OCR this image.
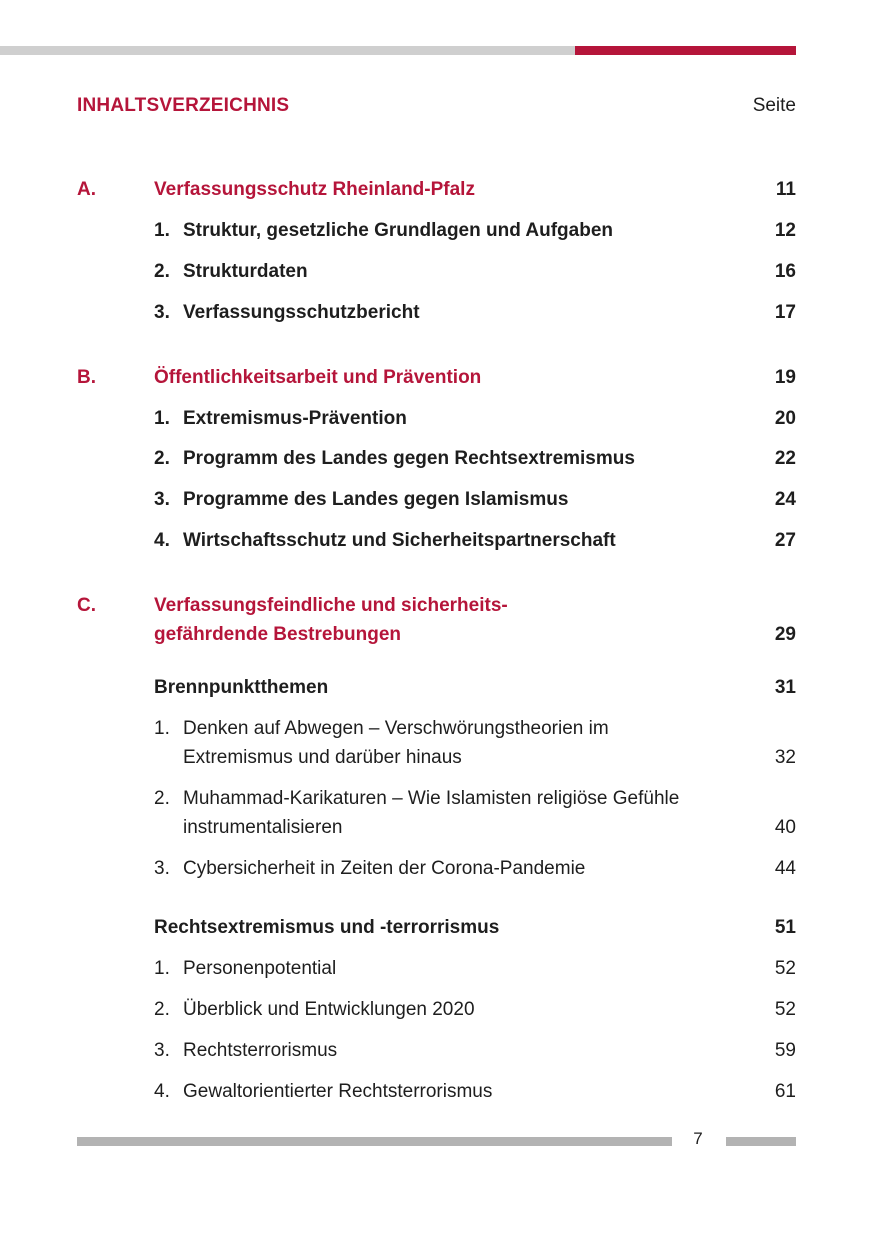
INHALTSVERZEICHNIS	Seite
A.	Verfassungsschutz Rheinland-Pfalz	11
1. Struktur, gesetzliche Grundlagen und Aufgaben	12
2. Strukturdaten	16
3. Verfassungsschutzbericht	17
B.	Öffentlichkeitsarbeit und Prävention	19
1. Extremismus-Prävention	20
2. Programm des Landes gegen Rechtsextremismus	22
3. Programme des Landes gegen Islamismus	24
4. Wirtschaftsschutz und Sicherheitspartnerschaft	27
C.	Verfassungsfeindliche und sicherheits-
gefährdende Bestrebungen	29
Brennpunktthemen	31
1. Denken auf Abwegen – Verschwörungstheorien im
Extremismus und darüber hinaus	32
2. Muhammad-Karikaturen – Wie Islamisten religiöse Gefühle
instrumentalisieren	40
3. Cybersicherheit in Zeiten der Corona-Pandemie	44
Rechtsextremismus und -terrorrismus	51
1. Personenpotential	52
2. Überblick und Entwicklungen 2020	52
3. Rechtsterrorismus	59
4. Gewaltorientierter Rechtsterrorismus	61
7
